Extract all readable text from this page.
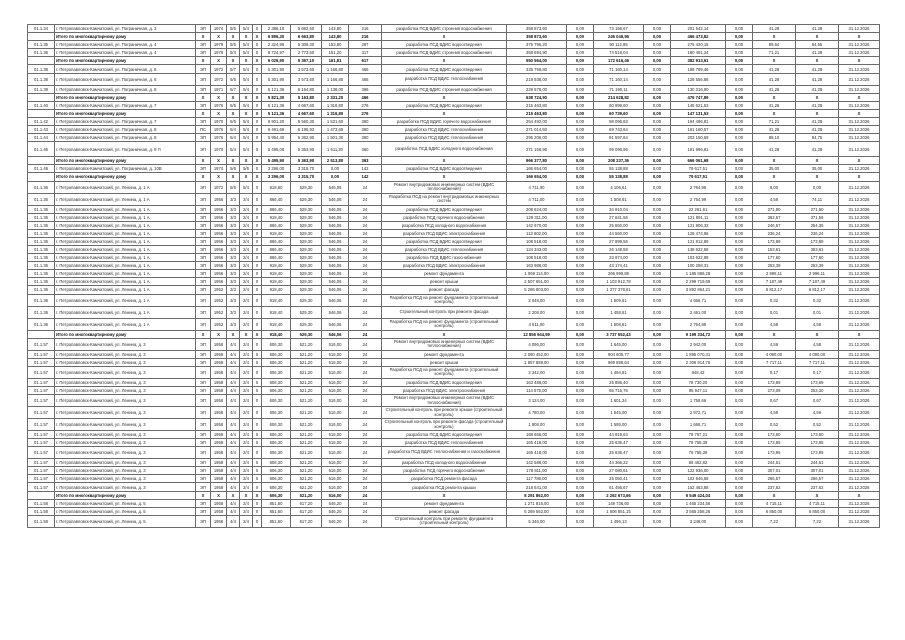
01.1.34	г. Петропавловск-Камчатский, ул. Пограничная, д. 3	ЭП	1974	5/5	5/4	0	2 386,10	5 662,50	143,80	216	разработка ПСД ВДИС строения водоснабжения	358 873,60	0,00	73 156,67	0,00	201 542,14	0,00	41,28	41,28	31.12.2026
	Итого по многоквартирному дому	Х	Х	Х	Х	Х	6 896,30	6 663,80	143,80	216	Х	358 873,60	0,00	246 049,96	0,00	466 473,82	0,00	Х	Х	Х
01.1.35	г. Петропавловск-Камчатский, ул. Пограничная, д. 4	ЭП	1979	5/5	5/4	0	2 324,96	5 309,30	153,80	287	разработка ПСД ВДИС водоотведения	375 796,20	0,00	90 112,85	0,00	275 420,15	0,00	89,64	84,55	31.12.2026
01.1.36	г. Петропавловск-Камчатский, ул. Пограничная, д. 4	ЭП	1976	5/4	5/4	0	6 724,97	2 773,50	151,20	317	разработка ПСД ВДИС строения водоснабжения	358 694,90	0,00	74 518,04	0,00	180 491,24	0,00	71,21	41,28	31.12.2026
	Итого по многоквартирному дому	Х	Х	Х	Х	Х	6 026,90	5 367,10	161,81	617	Х	550 564,00	0,00	172 616,46	0,00	382 913,61	0,00	Х	Х	Х
01.1.38	г. Петропавловск-Камчатский, ул. Пограничная, д. 6	ЭП	1972	5/7	5/4	0	5 301,90	3 573,60	1 166,80	466	разработка ПСД ВДИС водоотведения	335 758,80	0,00	71 160,14	0,00	189 799,46	0,00	41,28	41,28	31.12.2026
01.1.38	г. Петропавловск-Камчатский, ул. Пограничная, д. 6	ЭП	1972	5/5	5/4	0	5 301,90	3 573,60	1 166,80	466	разработка ПСД ВДИС теплоснабжения	219 938,00	0,00	71 160,14	0,00	128 556,86	0,00	41,28	41,28	31.12.2026
01.1.39	г. Петропавловск-Камчатский, ул. Пограничная, д. 8	ЭП	1971	5/7	5/4	0	5 121,36	5 164,80	1 138,00	366	разработка ПСД ВДИС строения водоснабжения	229 578,00	0,00	71 190,11	0,00	130 316,90	0,00	41,28	41,28	31.12.2026
	Итого по многоквартирному дому	Х	Х	Х	Х	Х	5 821,30	5 163,80	2 331,20	466	Х	638 724,90	0,00	214 628,82	0,00	476 747,89	0,00	Х	Х	Х
01.1.40	г. Петропавловск-Камчатский, ул. Пограничная, д. 7	ЭП	1976	5/5	5/4	0	5 121,36	4 667,60	1 316,80	276	разработка ПСД ВДИС водоотведения	215 463,80	0,00	60 899,60	0,00	145 621,53	0,00	41,28	41,28	31.12.2026
	Итого по многоквартирному дому	Х	Х	Х	Х	Х	5 121,36	4 667,60	1 316,80	276	Х	215 463,80	0,00	60 739,60	0,00	147 131,53	0,00	Х	Х	Х
01.1.42	г. Петропавловск-Камчатский, ул. Пограничная, д. 7	ЭП	1970	5/5	5/4	0	6 901,20	5 560,30	1 531,60	360	разработка ПСД ВДИС горячего водоснабжения	254 492,00	0,00	98 096,63	0,00	194 496,81	0,00	71,21	41,28	31.12.2026
01.1.43	г. Петропавловск-Камчатский, ул. Пограничная, д. 8	ПС	1976	5/4	5/4	0	6 491,69	5 195,93	1 473,69	360	разработка ПСД ВДИС теплоснабжения	271 014,50	0,00	69 743,64	0,00	161 160,57	0,00	41,28	41,28	31.12.2026
01.1.44	г. Петропавловск-Камчатский, ул. Пограничная, д. 8	ЭП	1976	5/4	5/4	0	5 954,40	5 362,90	1 501,30	360	разработка ПСД ВДИС теплоснабжения	295 206,00	0,00	91 597,64	0,00	203 150,59	0,00	88,10	84,75	31.12.2026
01.1.46	г. Петропавловск-Камчатский, ул. Пограничная, д. 8 П	ЭП	1970	5/4	5/4	0	5 495,06	5 363,90	1 511,20	360	разработка ПСД ВДИС холодного водоснабжения	271 156,96	0,00	99 096,96	0,00	181 996,81	0,00	41,28	41,28	31.12.2026
	Итого по многоквартирному дому	Х	Х	Х	Х	Х	5 495,90	5 363,90	2 513,80	363	Х	966 377,80	0,00	208 237,36	0,00	666 061,68	0,00	Х	Х	Х
01.1.48	г. Петропавловск-Камчатский, ул. Пограничная, д. 10В	ЭП	1974	5/6	5/6	0	3 296,00	3 315,70	0,00	142	разработка ПСД ВДИС водоотведения	166 654,00	0,00	55 138,88	0,00	79 617,51	0,00	35,00	35,00	31.12.2026
	Итого по многоквартирному дому	Х	Х	Х	Х	Х	3 296,00	3 315,70	0,00	142	Х	166 654,00	0,00	55 138,88	0,00	79 617,51	0,00	Х	Х	Х
01.1.36	г. Петропавловск-Камчатский, ул. Ленина, д. 1 А	ЭП	1972	5/6	5/4	0	918,60	529,30	546,06	24	Ремонт внутридомовых инженерных систем (ВДИС теплоснабжения)	4 711,00	0,00	4 106,61	0,00	2 764,99	0,00	0,00	0,00	31.12.2026
01.1.36	г. Петропавловск-Камчатский, ул. Ленина, д. 1 А	ЭП	1956	3/3	2/4	0	866,40	529,30	546,06	24	Разработка ПСД на ремонт внутридомовых инженерных систем	4 711,00	0,00	1 508,61	0,00	2 764,99	0,00	4,58	74,11	31.12.2026
01.1.36	г. Петропавловск-Камчатский, ул. Ленина, д. 1 А	ЭП	1956	3/3	2/4	0	866,40	529,30	546,06	24	разработка ПСД ВДИС водоотведения	208 624,00	0,00	34 910,04	0,00	22 261,61	0,00	271,90	271,50	31.12.2026
01.1.36	г. Петропавловск-Камчатский, ул. Ленина, д. 1 А	ЭП	1956	3/3	2/4	0	918,40	529,30	546,06	24	разработка ПСД горячего водоснабжения	129 311,00	0,00	27 641,56	0,00	121 891,11	0,00	362,57	371,56	31.12.2026
01.1.36	г. Петропавловск-Камчатский, ул. Ленина, д. 1 А	ЭП	1956	3/3	2/4	0	866,40	529,30	546,06	24	разработка ПСД холодного водоснабжения	142 670,00	0,00	25 550,00	0,00	121 906,32	0,00	246,57	254,35	31.12.2026
01.1.36	г. Петропавловск-Камчатский, ул. Ленина, д. 1 А	ЭП	1956	3/3	2/4	0	918,40	529,30	546,06	24	разработка ПСД ВДИС электроснабжения	113 802,00	0,00	44 560,00	0,00	128 474,96	0,00	236,24	236,24	31.12.2026
01.1.36	г. Петропавловск-Камчатский, ул. Ленина, д. 1 А	ЭП	1956	3/3	2/4	0	866,40	529,30	546,06	24	разработка ПСД ВДИС водоотведения	108 518,00	0,00	27 899,56	0,00	121 912,89	0,00	173,89	173,89	31.12.2026
01.1.36	г. Петропавловск-Камчатский, ул. Ленина, д. 1 А	ЭП	1956	3/3	2/4	0	866,40	529,30	546,06	24	разработка ПСД ВДИС теплоснабжения	124 343,00	0,00	26 148,58	0,00	138 622,58	0,00	153,61	353,61	31.12.2026
01.1.36	г. Петропавловск-Камчатский, ул. Ленина, д. 1 А	ЭП	1956	3/3	2/4	0	866,40	529,30	546,06	24	разработка ПСД ВДИС газоснабжения	108 518,00	0,00	23 974,00	0,00	103 622,88	0,00	177,60	177,60	31.12.2026
01.1.36	г. Петропавловск-Камчатский, ул. Ленина, д. 1 А	ЭП	1956	3/3	2/4	0	918,40	529,30	546,06	24	разработка ПСД ВДИС электроснабжения	163 988,00	0,00	43 174,41	0,00	100 258,31	0,00	253,39	253,39	31.12.2026
01.1.36	г. Петропавловск-Камчатский, ул. Ленина, д. 1 А	ЭП	1956	3/3	2/4	0	918,40	529,30	546,06	24	ремонт фундамента	1 069 114,00	0,00	266 999,86	0,00	1 185 886,28	0,00	2 996,11	2 996,11	31.12.2026
01.1.36	г. Петропавловск-Камчатский, ул. Ленина, д. 1 А	ЭП	1956	3/3	2/4	0	918,40	529,30	546,06	24	ремонт крыши	2 507 651,00	0,00	1 103 912,78	0,00	2 299 719,69	0,00	7 187,49	7 187,49	31.12.2026
01.1.36	г. Петропавловск-Камчатский, ул. Ленина, д. 1 А	ЭП	1952	3/3	2/4	0	918,40	529,30	546,06	24	ремонт фасада	5 286 803,00	0,00	1 377 378,61	0,00	3 892 864,21	0,00	6 812,17	6 812,17	31.12.2026
01.1.36	г. Петропавловск-Камчатский, ул. Ленина, д. 1 А	ЭП	1952	3/3	2/4	0	918,40	529,30	546,06	24	Разработка ПСД на ремонт фундамента (строительный контроль)	2 048,00	0,00	1 509,61	0,00	4 666,71	0,00	0,32	0,32	31.12.2026
01.1.36	г. Петропавловск-Камчатский, ул. Ленина, д. 1 А	ЭП	1952	3/3	2/4	0	918,40	529,30	546,06	24	Строительный контроль при ремонте фасада	2 208,00	0,00	1 458,61	0,00	2 461,00	0,00	0,01	0,01	31.12.2026
01.1.36	г. Петропавловск-Камчатский, ул. Ленина, д. 1 А	ЭП	1952	3/3	2/4	0	918,40	529,30	546,06	24	Разработка ПСД на ремонт фундамента (строительный контроль)	4 611,00	0,00	1 508,61	0,00	2 764,99	0,00	4,58	4,58	31.12.2026
	Итого по многоквартирному дому	Х	Х	Х	Х	Х	918,40	529,30	546,06	24	Х	12 856 944,99	0,00	3 737 552,43	0,00	9 199 334,72	0,00	Х	Х	Х
01.1.57	г. Петропавловск-Камчатский, ул. Ленина, д. 3	ЭП	1958	4/4	2/4	0	606,30	521,20	516,00	24	Ремонт внутридомовых инженерных систем (ВДИС теплоснабжения)	4 096,00	0,00	1 645,00	0,00	2 942,00	0,00	4,58	4,58	31.12.2026
01.1.57	г. Петропавловск-Камчатский, ул. Ленина, д. 3	ЭП	1958	4/4	2/4	0	606,30	521,20	516,00	24	ремонт фундамента	2 060 452,00	0,00	904 605,77	0,00	1 895 070,31	0,00	4 090,00	4 090,00	31.12.2026
01.1.57	г. Петропавловск-Камчатский, ул. Ленина, д. 3	ЭП	1958	4/4	2/4	0	606,30	521,20	516,00	24	ремонт крыши	1 857 889,00	0,00	969 898,64	0,00	2 306 914,76	0,00	7 717,11	7 717,11	31.12.2026
01.1.57	г. Петропавловск-Камчатский, ул. Ленина, д. 3	ЭП	1958	4/4	2/4	0	606,30	521,20	516,00	24	Разработка ПСД на ремонт фундамента (строительный контроль)	2 342,00	0,00	1 494,81	0,00	848,42	0,00	0,17	0,17	31.12.2026
01.1.57	г. Петропавловск-Камчатский, ул. Ленина, д. 3	ЭП	1958	4/4	2/4	0	606,30	521,20	516,00	24	разработка ПСД ВДИС водоотведения	163 486,00	0,00	25 886,40	0,00	78 730,20	0,00	173,69	173,69	31.12.2026
01.1.57	г. Петропавловск-Камчатский, ул. Ленина, д. 3	ЭП	1958	4/4	2/4	0	606,30	521,20	516,00	24	разработка ПСД ВДИС электроснабжения	114 575,00	0,00	65 715,76	0,00	95 947,11	0,00	273,09	253,30	31.12.2026
01.1.57	г. Петропавловск-Камчатский, ул. Ленина, д. 3	ЭП	1958	4/4	2/4	0	606,30	521,20	516,00	24	Ремонт внутридомовых инженерных систем (ВДИС теплоснабжения)	3 124,00	0,00	1 601,34	0,00	1 758,66	0,00	0,67	0,67	31.12.2026
01.1.57	г. Петропавловск-Камчатский, ул. Ленина, д. 3	ЭП	1958	4/4	2/4	0	606,30	521,20	516,00	24	Строительный контроль при ремонте крыши (строительный контроль)	4 780,00	0,00	1 545,00	0,00	2 972,71	0,00	4,59	4,59	31.12.2026
01.1.57	г. Петропавловск-Камчатский, ул. Ленина, д. 3	ЭП	1958	4/4	2/4	0	606,30	521,20	516,00	24	Строительный контроль при ремонте фасада (строительный контроль)	1 808,00	0,00	1 595,00	0,00	1 666,71	0,00	0,52	0,52	31.12.2026
01.1.57	г. Петропавловск-Камчатский, ул. Ленина, д. 3	ЭП	1958	4/4	2/4	0	606,30	521,20	516,00	24	разработка ПСД ВДИС водоотведения	168 656,00	0,00	44 919,64	0,00	79 767,21	0,00	173,60	173,60	31.12.2026
01.1.57	г. Петропавловск-Камчатский, ул. Ленина, д. 3	ЭП	1958	4/4	2/4	0	606,30	521,20	516,00	24	разработка ПСД ВДИС теплоснабжения	165 418,00	0,00	25 636,47	0,00	79 755,39	0,00	173,95	173,95	31.12.2026
01.1.57	г. Петропавловск-Камчатский, ул. Ленина, д. 3	ЭП	1958	4/4	2/4	0	606,30	521,20	516,00	24	разработка ПСД ВДИС теплоснабжения и газоснабжения	165 418,00	0,00	25 636,47	0,00	79 755,39	0,00	173,95	173,95	31.12.2026
01.1.57	г. Петропавловск-Камчатский, ул. Ленина, д. 3	ЭП	1958	4/4	2/4	0	606,30	521,20	516,00	24	разработка ПСД холодного водоснабжения	142 586,00	0,00	44 366,22	0,00	86 462,82	0,00	244,51	244,51	31.12.2026
01.1.57	г. Петропавловск-Камчатский, ул. Ленина, д. 3	ЭП	1958	4/4	2/4	0	606,30	521,20	516,00	24	разработка ПСД горячего водоснабжения	178 811,00	0,00	27 080,61	0,00	122 936,00	0,00	307,01	307,01	31.12.2026
01.1.57	г. Петропавловск-Камчатский, ул. Ленина, д. 3	ЭП	1958	4/4	2/4	0	606,30	521,20	516,00	24	разработка ПСД ремонта фасада	117 786,00	0,00	25 050,41	0,00	102 946,58	0,00	266,57	266,57	31.12.2026
01.1.57	г. Петропавловск-Камчатский, ул. Ленина, д. 3	ЭП	1958	4/4	2/4	0	606,30	521,20	516,00	24	разработка ПСД ремонта крыши	218 641,00	0,00	61 456,67	0,00	152 463,88	0,00	237,62	237,62	31.12.2026
	Итого по многоквартирному дому	Х	Х	Х	Х	Х	606,30	521,20	516,00	24	Х	8 291 862,00	0,00	2 262 673,66	0,00	6 549 424,04	0,00	Х	Х	Х
01.1.58	г. Петропавловск-Камчатский, ул. Ленина, д. 5	ЭП	1958	4/4	2/4	0	851,60	617,20	546,20	24	ремонт фундамента	1 271 816,00	0,00	149 736,60	0,00	1 465 234,56	0,00	4 715,11	4 715,11	31.12.2026
01.1.58	г. Петропавловск-Камчатский, ул. Ленина, д. 5	ЭП	1958	4/4	2/4	0	851,60	617,20	546,20	24	ремонт фасада	5 269 562,00	0,00	1 606 651,15	0,00	3 565 258,26	0,00	6 850,00	6 850,00	31.12.2026
01.1.58	г. Петропавловск-Камчатский, ул. Ленина, д. 5	ЭП	1958	4/4	2/4	0	851,60	617,20	546,20	24	Строительный контроль при ремонте фундамента (строительный контроль)	5 346,00	0,00	1 496,13	0,00	3 248,00	0,00	7,22	7,22	31.12.2026
